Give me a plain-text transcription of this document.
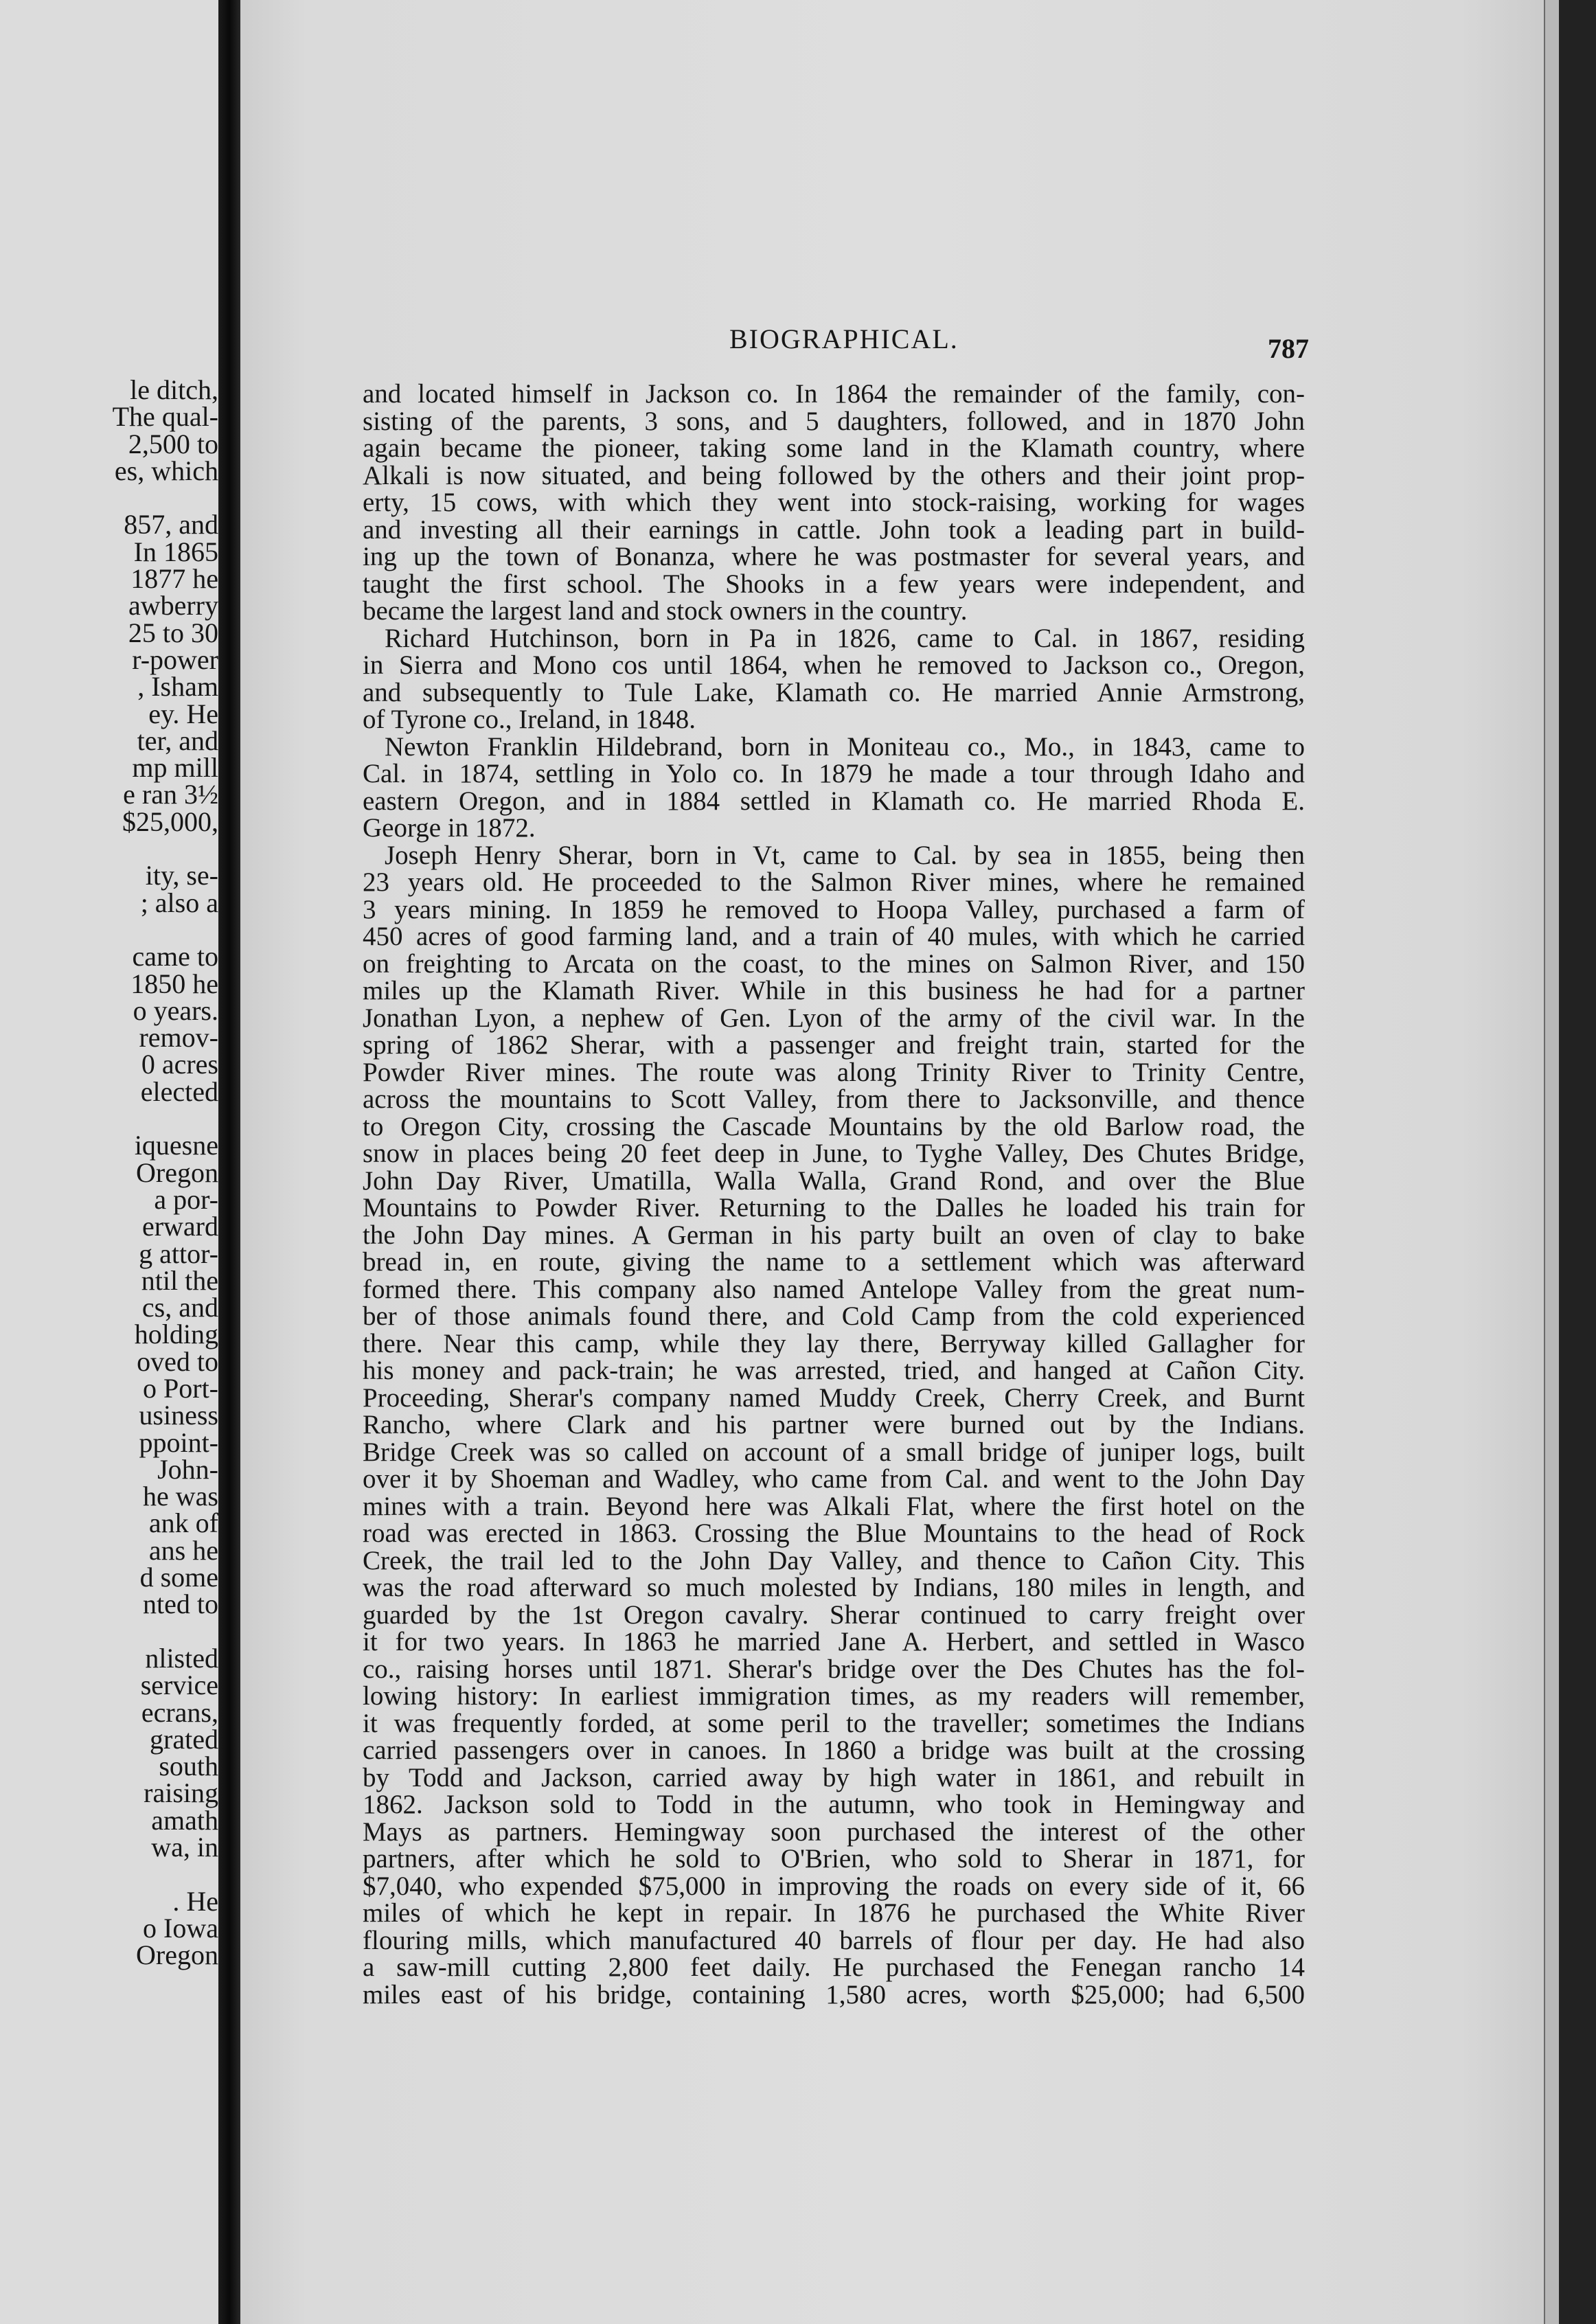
le ditch,
The qual-
2,500 to
es, which
857, and
In 1865
1877 he
awberry
25 to 30
r-power
, Isham
ey. He
ter, and
mp mill
e ran 3½
$25,000,
ity, se-
; also a
came to
1850 he
o years.
remov-
0 acres
elected
iquesne
Oregon
a por-
erward
g attor-
ntil the
cs, and
holding
oved to
o Port-
usiness
ppoint-
John-
he was
ank of
ans he
d some
nted to
nlisted
service
ecrans,
grated
south
raising
amath
wa, in
. He
o Iowa
Oregon
BIOGRAPHICAL.	787
and located himself in Jackson co. In 1864 the remainder of the family, con-
sisting of the parents, 3 sons, and 5 daughters, followed, and in 1870 John
again became the pioneer, taking some land in the Klamath country, where
Alkali is now situated, and being followed by the others and their joint prop-
erty, 15 cows, with which they went into stock-raising, working for wages
and investing all their earnings in cattle. John took a leading part in build-
ing up the town of Bonanza, where he was postmaster for several years, and
taught the first school. The Shooks in a few years were independent, and
became the largest land and stock owners in the country.
Richard Hutchinson, born in Pa in 1826, came to Cal. in 1867, residing
in Sierra and Mono cos until 1864, when he removed to Jackson co., Oregon,
and subsequently to Tule Lake, Klamath co. He married Annie Armstrong,
of Tyrone co., Ireland, in 1848.
Newton Franklin Hildebrand, born in Moniteau co., Mo., in 1843, came to
Cal. in 1874, settling in Yolo co. In 1879 he made a tour through Idaho and
eastern Oregon, and in 1884 settled in Klamath co. He married Rhoda E.
George in 1872.
Joseph Henry Sherar, born in Vt, came to Cal. by sea in 1855, being then
23 years old. He proceeded to the Salmon River mines, where he remained
3 years mining. In 1859 he removed to Hoopa Valley, purchased a farm of
450 acres of good farming land, and a train of 40 mules, with which he carried
on freighting to Arcata on the coast, to the mines on Salmon River, and 150
miles up the Klamath River. While in this business he had for a partner
Jonathan Lyon, a nephew of Gen. Lyon of the army of the civil war. In the
spring of 1862 Sherar, with a passenger and freight train, started for the
Powder River mines. The route was along Trinity River to Trinity Centre,
across the mountains to Scott Valley, from there to Jacksonville, and thence
to Oregon City, crossing the Cascade Mountains by the old Barlow road, the
snow in places being 20 feet deep in June, to Tyghe Valley, Des Chutes Bridge,
John Day River, Umatilla, Walla Walla, Grand Rond, and over the Blue
Mountains to Powder River. Returning to the Dalles he loaded his train for
the John Day mines. A German in his party built an oven of clay to bake
bread in, en route, giving the name to a settlement which was afterward
formed there. This company also named Antelope Valley from the great num-
ber of those animals found there, and Cold Camp from the cold experienced
there. Near this camp, while they lay there, Berryway killed Gallagher for
his money and pack-train; he was arrested, tried, and hanged at Cañon City.
Proceeding, Sherar's company named Muddy Creek, Cherry Creek, and Burnt
Rancho, where Clark and his partner were burned out by the Indians.
Bridge Creek was so called on account of a small bridge of juniper logs, built
over it by Shoeman and Wadley, who came from Cal. and went to the John Day
mines with a train. Beyond here was Alkali Flat, where the first hotel on the
road was erected in 1863. Crossing the Blue Mountains to the head of Rock
Creek, the trail led to the John Day Valley, and thence to Cañon City. This
was the road afterward so much molested by Indians, 180 miles in length, and
guarded by the 1st Oregon cavalry. Sherar continued to carry freight over
it for two years. In 1863 he married Jane A. Herbert, and settled in Wasco
co., raising horses until 1871. Sherar's bridge over the Des Chutes has the fol-
lowing history: In earliest immigration times, as my readers will remember,
it was frequently forded, at some peril to the traveller; sometimes the Indians
carried passengers over in canoes. In 1860 a bridge was built at the crossing
by Todd and Jackson, carried away by high water in 1861, and rebuilt in
1862. Jackson sold to Todd in the autumn, who took in Hemingway and
Mays as partners. Hemingway soon purchased the interest of the other
partners, after which he sold to O'Brien, who sold to Sherar in 1871, for
$7,040, who expended $75,000 in improving the roads on every side of it, 66
miles of which he kept in repair. In 1876 he purchased the White River
flouring mills, which manufactured 40 barrels of flour per day. He had also
a saw-mill cutting 2,800 feet daily. He purchased the Fenegan rancho 14
miles east of his bridge, containing 1,580 acres, worth $25,000; had 6,500
